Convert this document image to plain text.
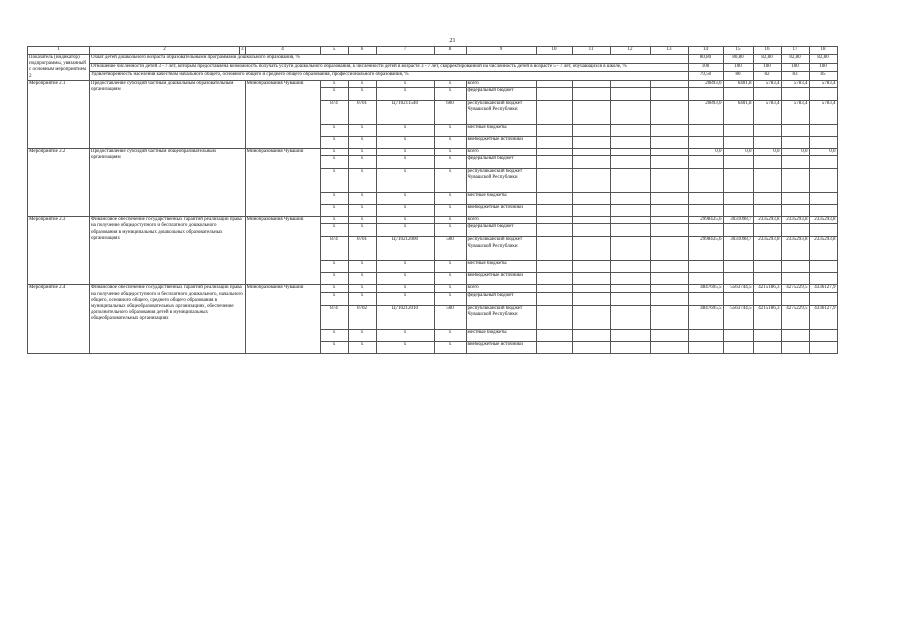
21
1	2	3	4	5	6	7	8	9	10	11	12	13	14	15	16	17	18
Показатель (индикатор) подпрограммы, увязанный с основным мероприятием 2	Охват детей дошкольного возраста образовательными программами дошкольного образования, %												80,80	80,80	82,80	82,80	82,80
	Отношение численности детей 3 - 7 лет, которым предоставлена возможность получать услуги дошкольного образования, к численности детей в возрасте 3 - 7 лет, скорректированной на численность детей в возрасте 5 - 7 лет, обучающихся в школе, %												100	100	100	100	100
	Удовлетворенность населения качеством начального общего, основного общего и среднего общего образования, профессионального образования, %												79,50	80	82	83	85
Мероприятие 2.1	Предоставление субсидий частным дошкольным образовательным организациям		Минобразования Чувашии	x	x	x	x	всего					20893,0	6401,8	5783,4	5783,4	5783,4
				x	x	x	x	федеральный бюджет									
				874	0701	Ц710211540	600	республиканский бюджет Чувашской Республики					20893,0	6401,8	5783,4	5783,4	5783,4
				x	x	x	x	местные бюджеты									
				x	x	x	x	внебюджетные источники									
Мероприятие 2.2	Предоставление субсидий частным общеобразовательным организациям		Минобразования Чувашии	x	x	x	x	всего					0,0	0,0	0,0	0,0	0,0
				x	x	x	x	федеральный бюджет									
				x	x	x	x	республиканский бюджет Чувашской Республики									
				x	x	x	x	местные бюджеты									
				x	x	x	x	внебюджетные источники									
Мероприятие 2.3	Финансовое обеспечение государственных гарантий реализации права на получение общедоступного и бесплатного дошкольного образования в муниципальных дошкольных образовательных организациях		Минобразования Чувашии	x	x	x	x	всего					2998435,6	3031098,7	2335293,8	2335293,8	2335293,8
				x	x	x	x	федеральный бюджет									
				874	0701	Ц710212000	500	республиканский бюджет Чувашской Республики					2998435,6	3031098,7	2335293,8	2335293,8	2335293,8
				x	x	x	x	местные бюджеты									
				x	x	x	x	внебюджетные источники									
Мероприятие 2.4	Финансовое обеспечение государственных гарантий реализации права на получение общедоступного и бесплатного дошкольного, начального общего, основного общего, среднего общего образования в муниципальных общеобразовательных организациях, обеспечение дополнительного образования детей в муниципальных общеобразовательных организациях		Минобразования Чувашии	x	x	x	x	всего					4847695,5	5563744,5	4215186,3	4275229,5	4336127,9
				x	x	x	x	федеральный бюджет									
				874	0702	Ц710212010	500	республиканский бюджет Чувашской Республики					4847695,5	5563744,5	4215186,3	4275229,5	4336127,9
				x	x	x	x	местные бюджеты									
				x	x	x	x	внебюджетные источники									
